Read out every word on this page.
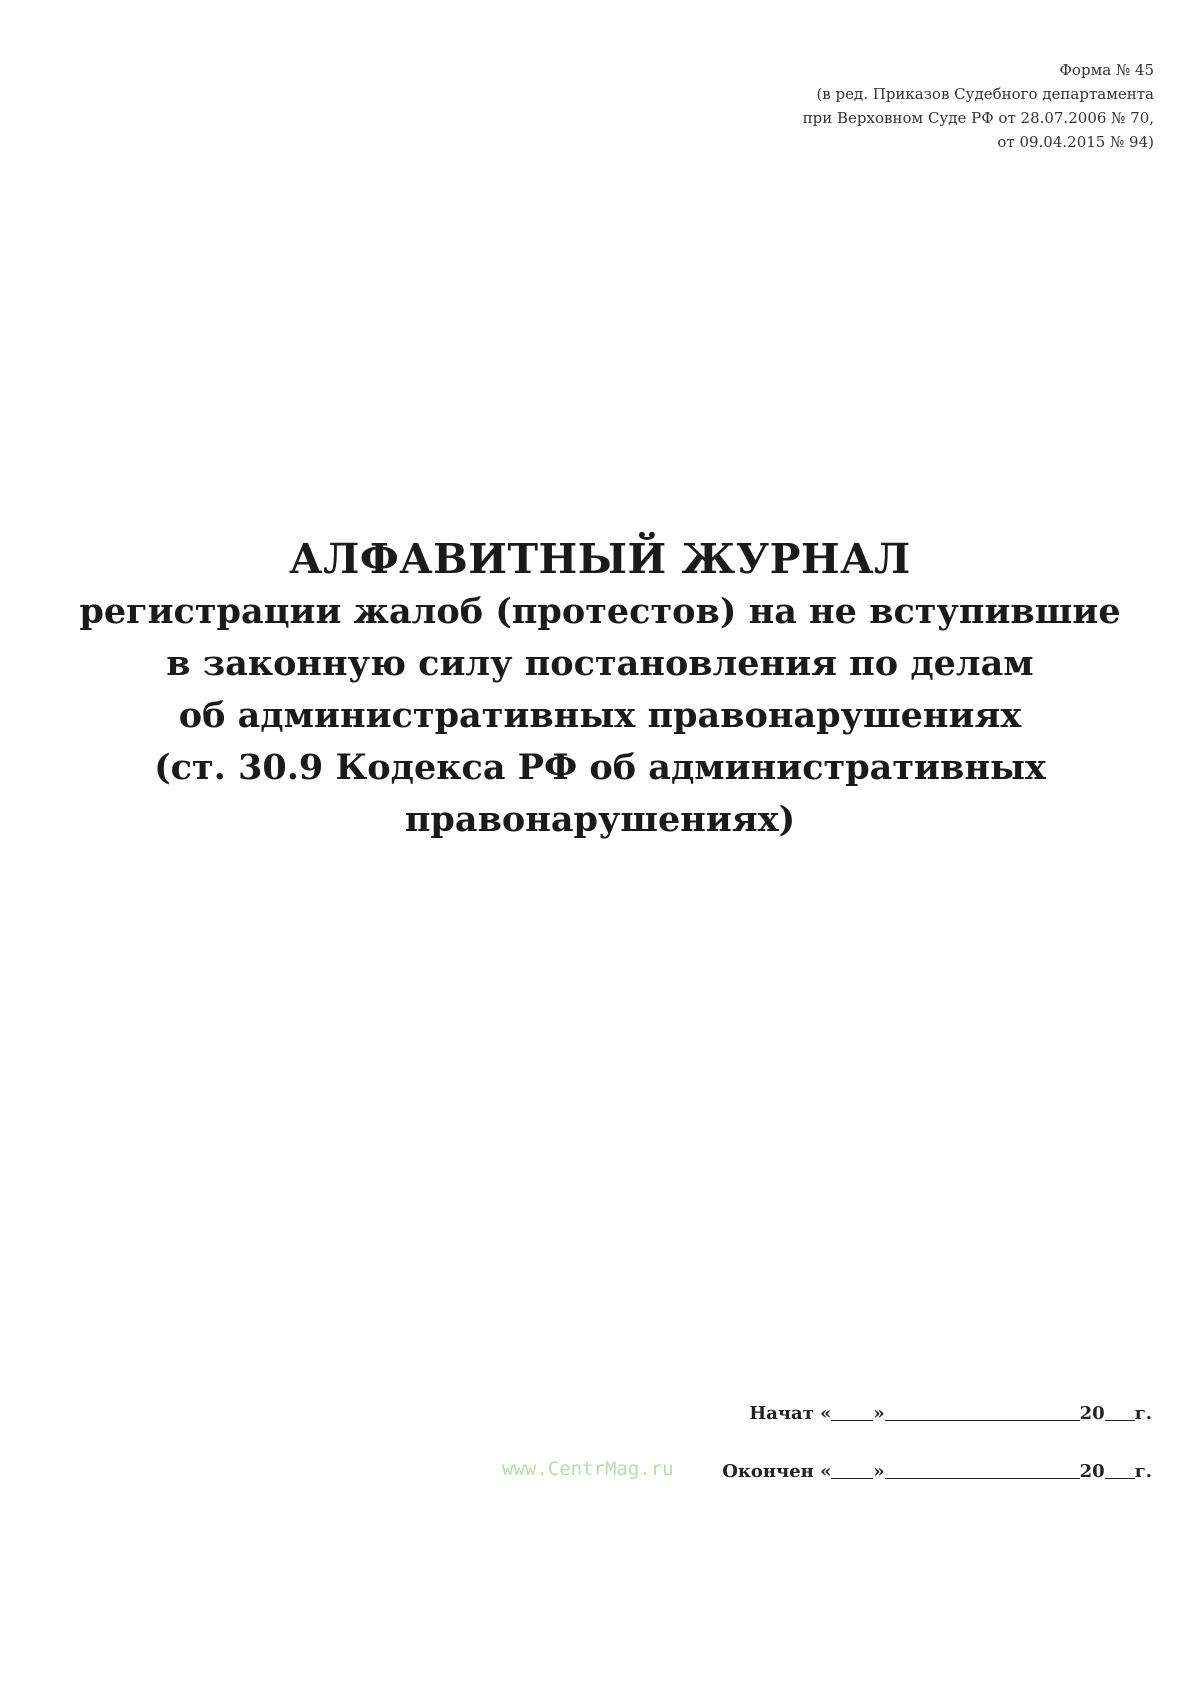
Форма № 45
(в ред. Приказов Судебного департамента
при Верховном Суде РФ от 28.07.2006 № 70,
от 09.04.2015 № 94)
АЛФАВИТНЫЙ ЖУРНАЛ
регистрации жалоб (протестов) на не вступившие
в законную силу постановления по делам
об административных правонарушениях
(ст. 30.9 Кодекса РФ об административных
правонарушениях)
Начат
« »	20 г.
Окончен
« »	20 г.
www.CentrMag.ru
